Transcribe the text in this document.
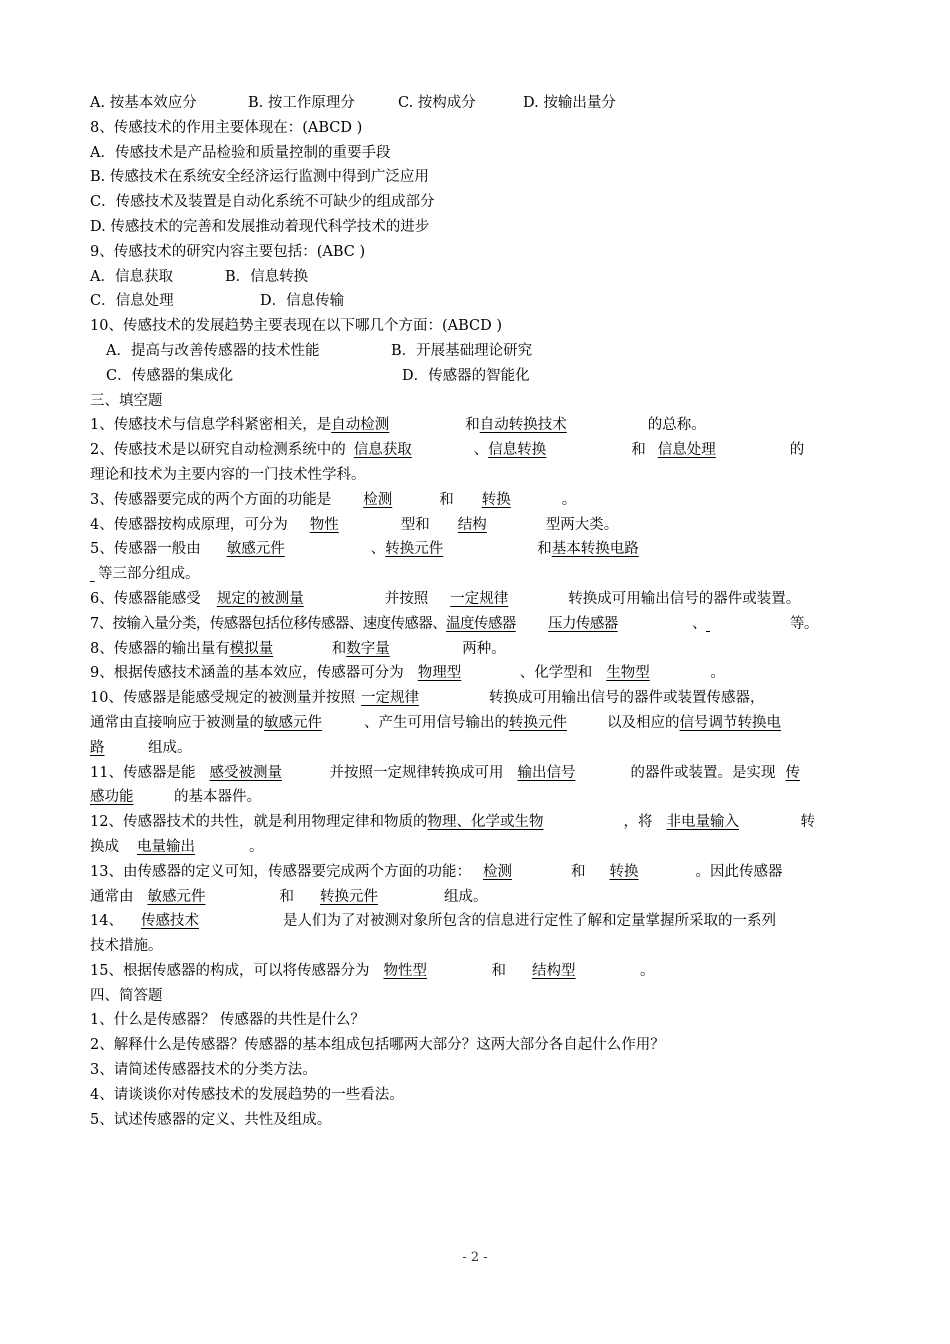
A. 按基本效应分	B. 按工作原理分	C. 按构成分	D. 按输出量分
8、传感技术的作用主要体现在：(ABCD )
A．传感技术是产品检验和质量控制的重要手段
B. 传感技术在系统安全经济运行监测中得到广泛应用
C．传感技术及装置是自动化系统不可缺少的组成部分
D. 传感技术的完善和发展推动着现代科学技术的进步
9、传感技术的研究内容主要包括：(ABC )
A．信息获取	B．信息转换
C．信息处理	D．信息传输
10、传感技术的发展趋势主要表现在以下哪几个方面：(ABCD )
A．提高与改善传感器的技术性能	B．开展基础理论研究
C．传感器的集成化	D．传感器的智能化
三、填空题
1、传感技术与信息学科紧密相关，是自动检测	和自动转换技术	的总称。
2、传感技术是以研究自动检测系统中的 信息获取	、信息转换	和 信息处理	的
理论和技术为主要内容的一门技术性学科。
3、传感器要完成的两个方面的功能是 检测	和 转换	。
4、传感器按构成原理，可分为 物性	型和 结构	型两大类。
5、传感器一般由 敏感元件	、转换元件	和基本转换电路
等三部分组成。
6、传感器能感受 规定的被测量	并按照 一定规律	转换成可用输出信号的器件或装置。
7、按输入量分类，传感器包括位移传感器、速度传感器、温度传感器 压力传感器	、	等。
8、传感器的输出量有模拟量	和数字量	两种。
9、根据传感技术涵盖的基本效应，传感器可分为 物理型	、化学型和 生物型	。
10、传感器是能感受规定的被测量并按照 一定规律	转换成可用输出信号的器件或装置传感器，
通常由直接响应于被测量的敏感元件	、产生可用信号输出的转换元件	以及相应的信号调节转换电
路	组成。
11、传感器是能 感受被测量	并按照一定规律转换成可用 输出信号	的器件或装置。是实现 传
感功能	的基本器件。
12、传感器技术的共性，就是利用物理定律和物质的物理、化学或生物	，将 非电量输入	转
换成 电量输出	。
13、由传感器的定义可知，传感器要完成两个方面的功能： 检测	和 转换	。因此传感器
通常由 敏感元件	和 转换元件	组成。
14、 传感技术	是人们为了对被测对象所包含的信息进行定性了解和定量掌握所采取的一系列
技术措施。
15、根据传感器的构成，可以将传感器分为 物性型	和 结构型	。
四、简答题
1、什么是传感器？ 传感器的共性是什么？
2、解释什么是传感器？传感器的基本组成包括哪两大部分？这两大部分各自起什么作用？
3、请简述传感器技术的分类方法。
4、请谈谈你对传感技术的发展趋势的一些看法。
5、试述传感器的定义、共性及组成。
- 2 -
